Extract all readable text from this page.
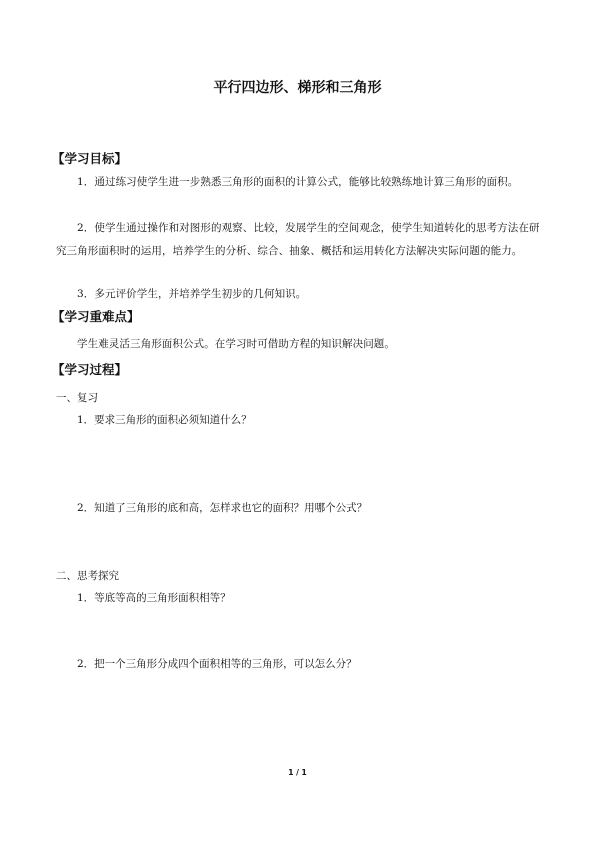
平行四边形、梯形和三角形
【学习目标】
1．通过练习使学生进一步熟悉三角形的面积的计算公式，能够比较熟练地计算三角形的面积。
2．使学生通过操作和对图形的观察、比较，发展学生的空间观念，使学生知道转化的思考方法在研究三角形面积时的运用，培养学生的分析、综合、抽象、概括和运用转化方法解决实际问题的能力。
3．多元评价学生，并培养学生初步的几何知识。
【学习重难点】
学生难灵活三角形面积公式。在学习时可借助方程的知识解决问题。
【学习过程】
一、复习
1．要求三角形的面积必须知道什么？
2．知道了三角形的底和高，怎样求也它的面积？用哪个公式？
二、思考探究
1．等底等高的三角形面积相等？
2．把一个三角形分成四个面积相等的三角形，可以怎么分？
1 / 1
